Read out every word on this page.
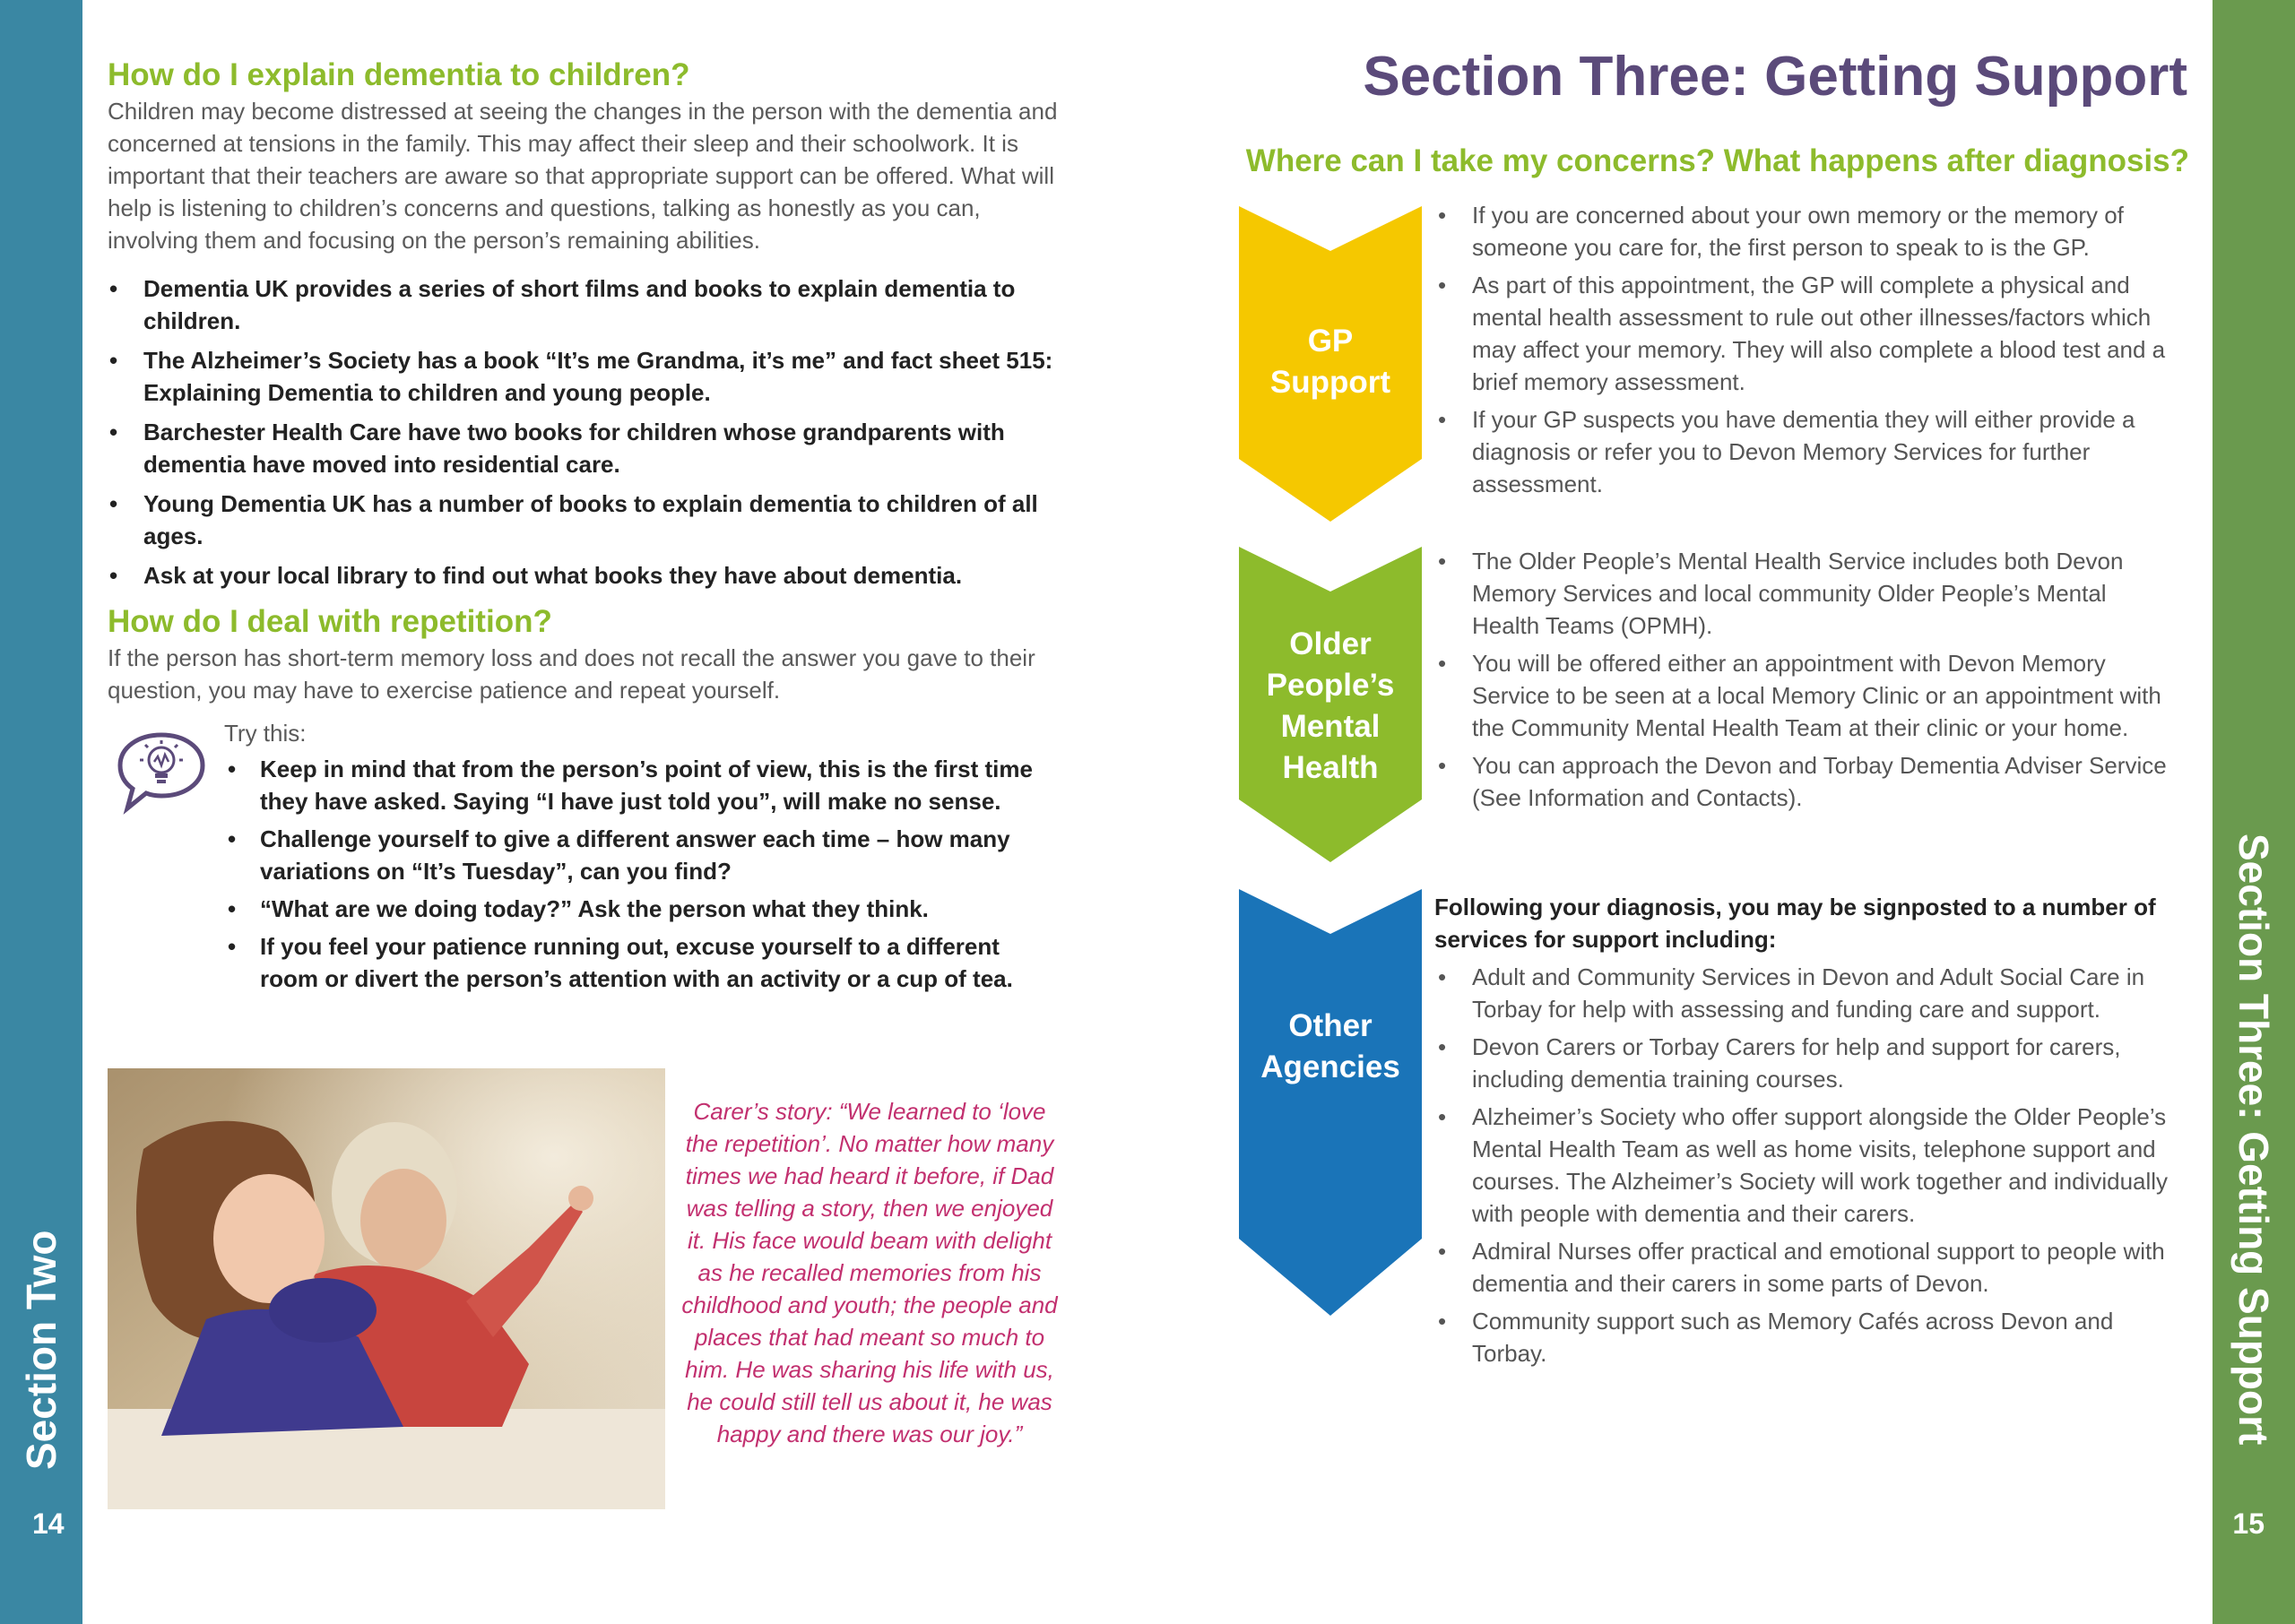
Section Two	Section Three: Getting Support
14	15
How do I explain dementia to children?

Children may become distressed at seeing the changes in the person with the dementia and concerned at tensions in the family. This may affect their sleep and their schoolwork. It is important that their teachers are aware so that appropriate support can be offered. What will help is listening to children’s concerns and questions, talking as honestly as you can, involving them and focusing on the person’s remaining abilities.

• Dementia UK provides a series of short films and books to explain dementia to children.
• The Alzheimer’s Society has a book “It’s me Grandma, it’s me” and fact sheet 515: Explaining Dementia to children and young people.
• Barchester Health Care have two books for children whose grandparents with dementia have moved into residential care.
• Young Dementia UK has a number of books to explain dementia to children of all ages.
• Ask at your local library to find out what books they have about dementia.
How do I deal with repetition?

If the person has short-term memory loss and does not recall the answer you gave to their question, you may have to exercise patience and repeat yourself.

Try this:
• Keep in mind that from the person’s point of view, this is the first time they have asked. Saying “I have just told you”, will make no sense.
• Challenge yourself to give a different answer each time – how many variations on “It’s Tuesday”, can you find?
• “What are we doing today?” Ask the person what they think.
• If you feel your patience running out, excuse yourself to a different room or divert the person’s attention with an activity or a cup of tea.
Carer’s story: “We learned to ‘love the repetition’. No matter how many times we had heard it before, if Dad was telling a story, then we enjoyed it. His face would beam with delight as he recalled memories from his childhood and youth; the people and places that had meant so much to him. He was sharing his life with us, he could still tell us about it, he was happy and there was our joy.”
Section Three: Getting Support
Where can I take my concerns? What happens after diagnosis?
GP
Support
Older
People’s
Mental
Health
Other
Agencies
• If you are concerned about your own memory or the memory of someone you care for, the first person to speak to is the GP.
• As part of this appointment, the GP will complete a physical and mental health assessment to rule out other illnesses/factors which may affect your memory. They will also complete a blood test and a brief memory assessment.
• If your GP suspects you have dementia they will either provide a diagnosis or refer you to Devon Memory Services for further assessment.
• The Older People’s Mental Health Service includes both Devon Memory Services and local community Older People’s Mental Health Teams (OPMH).
• You will be offered either an appointment with Devon Memory Service to be seen at a local Memory Clinic or an appointment with the Community Mental Health Team at their clinic or your home.
• You can approach the Devon and Torbay Dementia Adviser Service (See Information and Contacts).

Following your diagnosis, you may be signposted to a number of services for support including:

• Adult and Community Services in Devon and Adult Social Care in Torbay for help with assessing and funding care and support.
• Devon Carers or Torbay Carers for help and support for carers, including dementia training courses.
• Alzheimer’s Society who offer support alongside the Older People’s Mental Health Team as well as home visits, telephone support and courses. The Alzheimer’s Society will work together and individually with people with dementia and their carers.
• Admiral Nurses offer practical and emotional support to people with dementia and their carers in some parts of Devon.
• Community support such as Memory Cafés across Devon and Torbay.
